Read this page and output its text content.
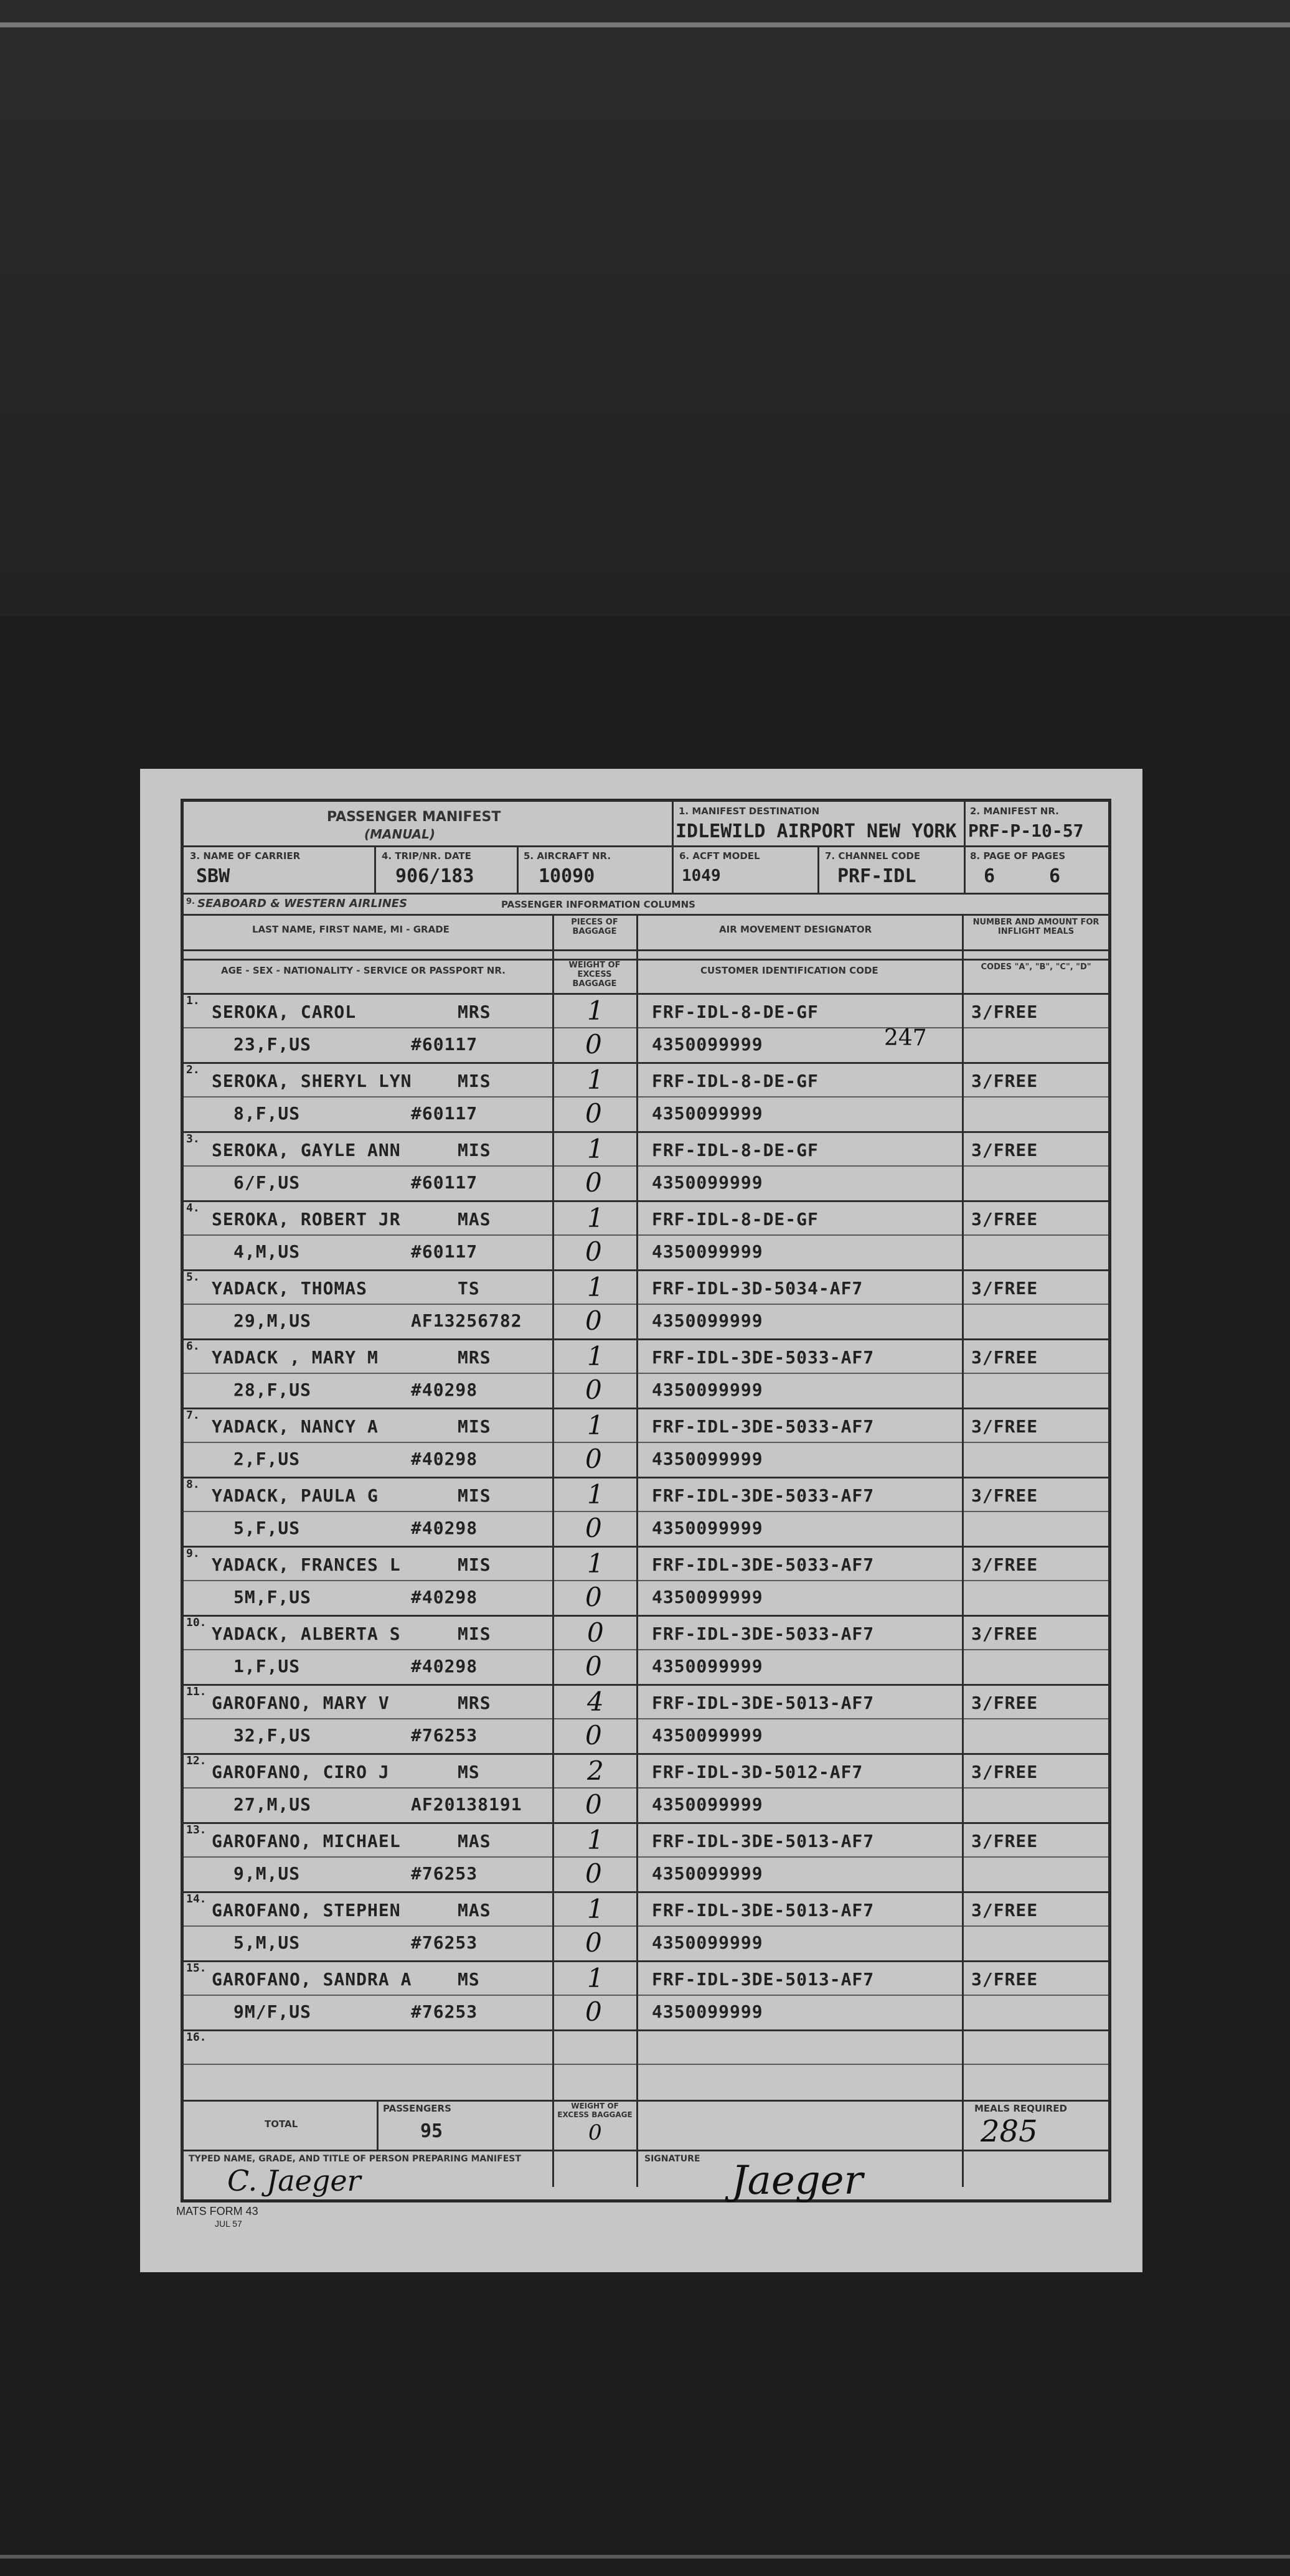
PASSENGER MANIFEST
(MANUAL)
1. MANIFEST DESTINATION
IDLEWILD AIRPORT NEW YORK
2. MANIFEST NR.
PRF-P-10-57
3. NAME OF CARRIER
SBW
4. TRIP/NR. DATE
906/183
5. AIRCRAFT NR.
10090
6. ACFT MODEL
1049
7. CHANNEL CODE
PRF-IDL
8. PAGE OF PAGES
6	6
9. SEABOARD & WESTERN AIRLINES	PASSENGER INFORMATION COLUMNS
LAST NAME, FIRST NAME, MI - GRADE
AGE - SEX - NATIONALITY - SERVICE OR PASSPORT NR.
PIECES OF BAGGAGE
WEIGHT OF EXCESS BAGGAGE
AIR MOVEMENT DESIGNATOR
CUSTOMER IDENTIFICATION CODE
NUMBER AND AMOUNT FOR INFLIGHT MEALS
CODES "A", "B", "C", "D"
1.
SEROKA, CAROL	MRS
23,F,US	#60117
1
0
FRF-IDL-8-DE-GF
4350099999	247
3/FREE
2.
SEROKA, SHERYL LYN	MIS
8,F,US	#60117
1
0
FRF-IDL-8-DE-GF
4350099999
3/FREE
3.
SEROKA, GAYLE ANN	MIS
6/F,US	#60117
1
0
FRF-IDL-8-DE-GF
4350099999
3/FREE
4.
SEROKA, ROBERT JR	MAS
4,M,US	#60117
1
0
FRF-IDL-8-DE-GF
4350099999
3/FREE
5.
YADACK, THOMAS	TS
29,M,US	AF13256782
1
0
FRF-IDL-3D-5034-AF7
4350099999
3/FREE
6.
YADACK , MARY M	MRS
28,F,US	#40298
1
0
FRF-IDL-3DE-5033-AF7
4350099999
3/FREE
7.
YADACK, NANCY A	MIS
2,F,US	#40298
1
0
FRF-IDL-3DE-5033-AF7
4350099999
3/FREE
8.
YADACK, PAULA G	MIS
5,F,US	#40298
1
0
FRF-IDL-3DE-5033-AF7
4350099999
3/FREE
9.
YADACK, FRANCES L	MIS
5M,F,US	#40298
1
0
FRF-IDL-3DE-5033-AF7
4350099999
3/FREE
10.
YADACK, ALBERTA S	MIS
1,F,US	#40298
0
0
FRF-IDL-3DE-5033-AF7
4350099999
3/FREE
11.
GAROFANO, MARY V	MRS
32,F,US	#76253
4
0
FRF-IDL-3DE-5013-AF7
4350099999
3/FREE
12.
GAROFANO, CIRO J	MS
27,M,US	AF20138191
2
0
FRF-IDL-3D-5012-AF7
4350099999
3/FREE
13.
GAROFANO, MICHAEL	MAS
9,M,US	#76253
1
0
FRF-IDL-3DE-5013-AF7
4350099999
3/FREE
14.
GAROFANO, STEPHEN	MAS
5,M,US	#76253
1
0
FRF-IDL-3DE-5013-AF7
4350099999
3/FREE
15.
GAROFANO, SANDRA A	MS
9M/F,US	#76253
1
0
FRF-IDL-3DE-5013-AF7
4350099999
3/FREE
16.
TOTAL
PASSENGERS
95
WEIGHT OF EXCESS BAGGAGE
0
MEALS REQUIRED
285
TYPED NAME, GRADE, AND TITLE OF PERSON PREPARING MANIFEST
C. Jaeger
SIGNATURE Jaeger
MATS FORM 43
JUL 57
